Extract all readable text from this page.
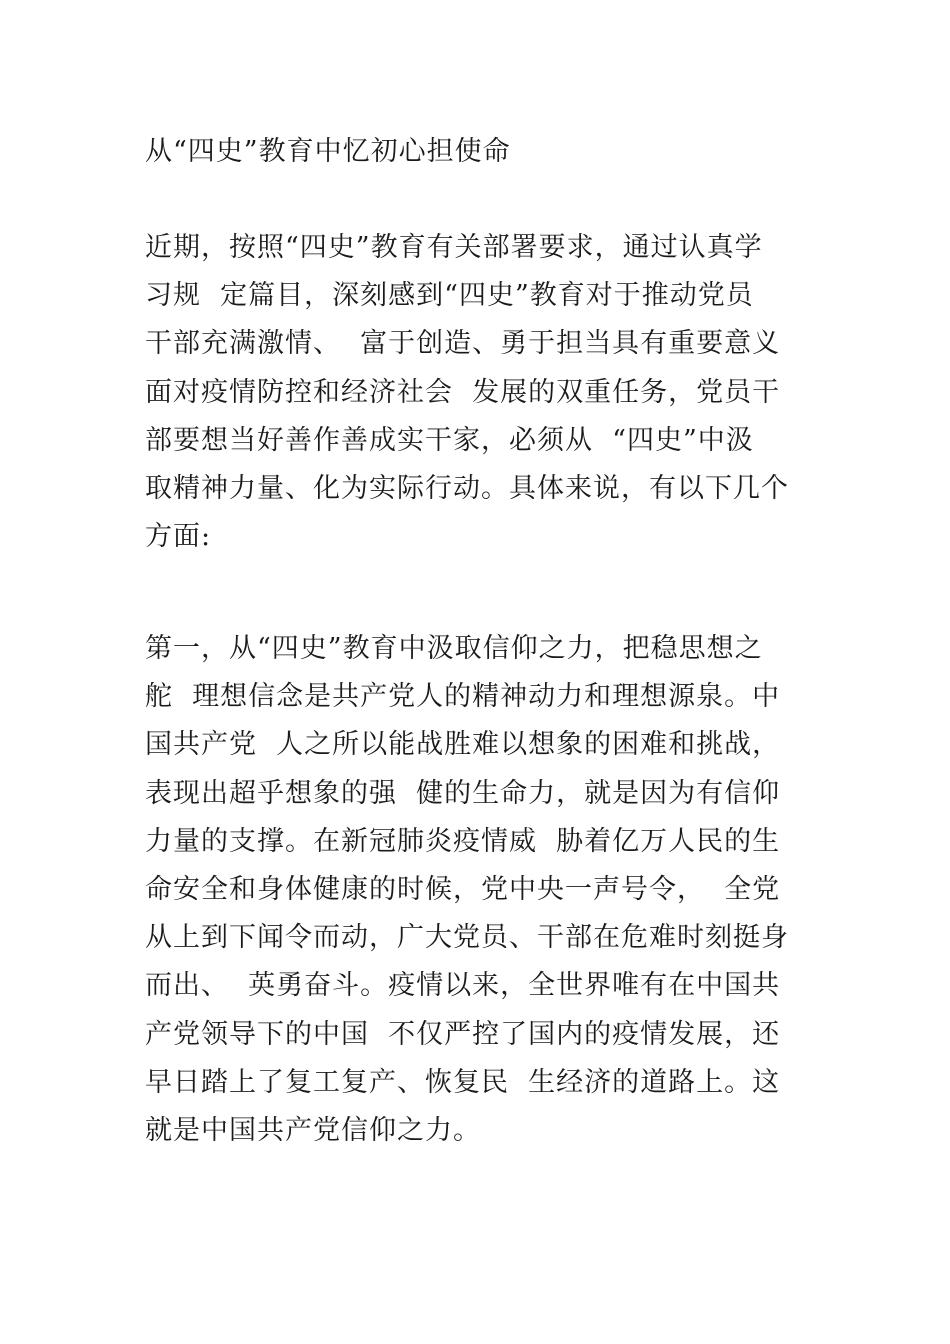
从“四史”教育中忆初心担使命
近期，按照“四史”教育有关部署要求，通过认真学
习规  定篇目，深刻感到“四史”教育对于推动党员
干部充满激情、  富于创造、勇于担当具有重要意义
面对疫情防控和经济社会  发展的双重任务，党员干
部要想当好善作善成实干家，必须从  “四史”中汲
取精神力量、化为实际行动。具体来说，有以下几个
方面:
第一，从“四史”教育中汲取信仰之力，把稳思想之
舵  理想信念是共产党人的精神动力和理想源泉。中
国共产党  人之所以能战胜难以想象的困难和挑战，
表现出超乎想象的强  健的生命力，就是因为有信仰
力量的支撑。在新冠肺炎疫情威  胁着亿万人民的生
命安全和身体健康的时候，党中央一声号令，  全党
从上到下闻令而动，广大党员、干部在危难时刻挺身
而出、  英勇奋斗。疫情以来，全世界唯有在中国共
产党领导下的中国  不仅严控了国内的疫情发展，还
早日踏上了复工复产、恢复民  生经济的道路上。这
就是中国共产党信仰之力。
